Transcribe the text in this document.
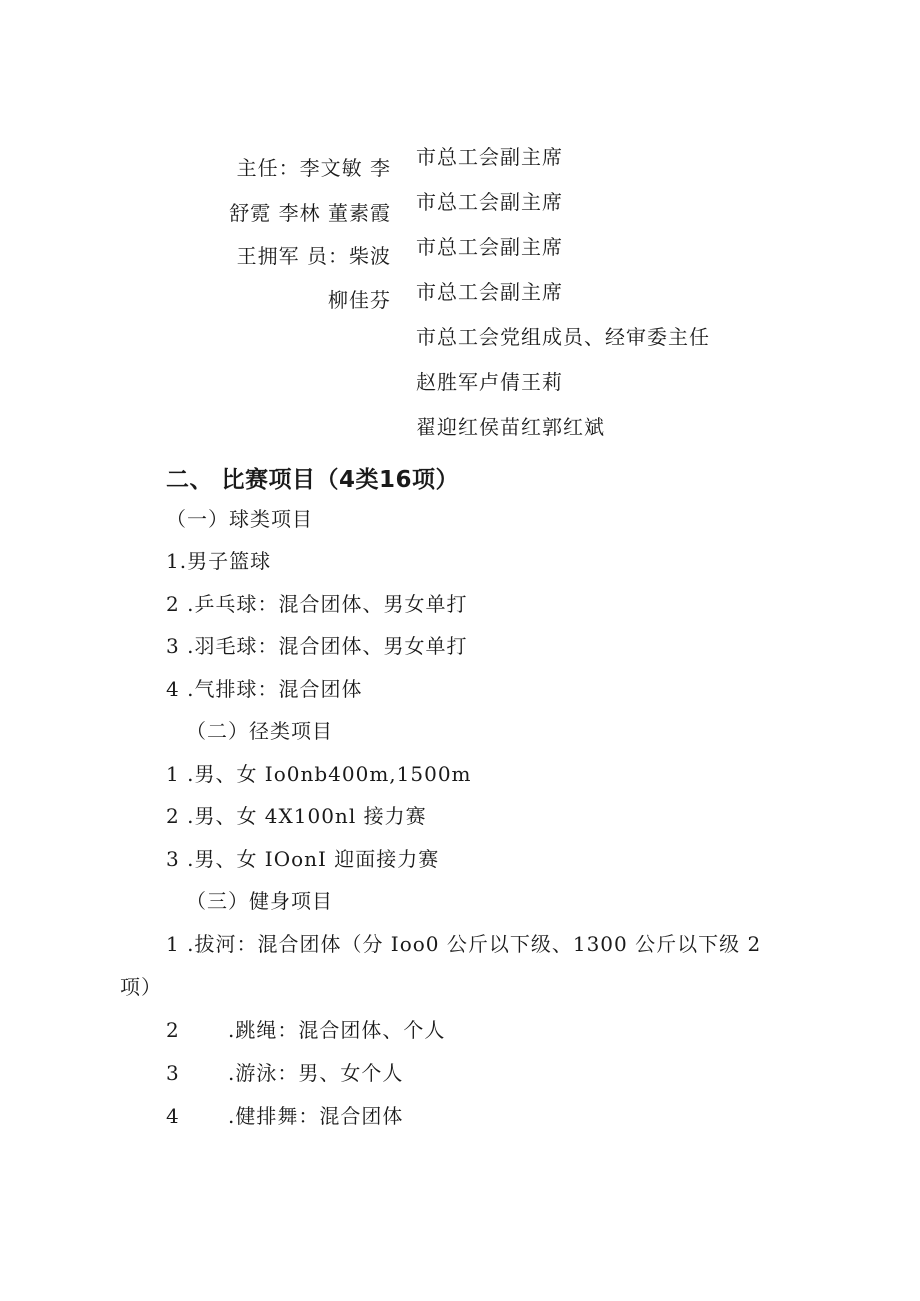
主任：李文敏 李
舒霓 李林 董素霞
王拥军 员：柴波
柳佳芬
市总工会副主席
市总工会副主席
市总工会副主席
市总工会副主席
市总工会党组成员、经审委主任
赵胜军卢倩王莉
翟迎红侯苗红郭红斌
二、 比赛项目（4类16项）
（一）球类项目
1.男子篮球
2 .乒乓球：混合团体、男女单打
3 .羽毛球：混合团体、男女单打
4 .气排球：混合团体
（二）径类项目
1 .男、女 Io0nb400m,1500m
2 .男、女 4X100nl 接力赛
3 .男、女 IOonI 迎面接力赛
（三）健身项目
1 .拔河：混合团体（分 Ioo0 公斤以下级、1300 公斤以下级 2
项）
2 .跳绳：混合团体、个人
3 .游泳：男、女个人
4 .健排舞：混合团体
